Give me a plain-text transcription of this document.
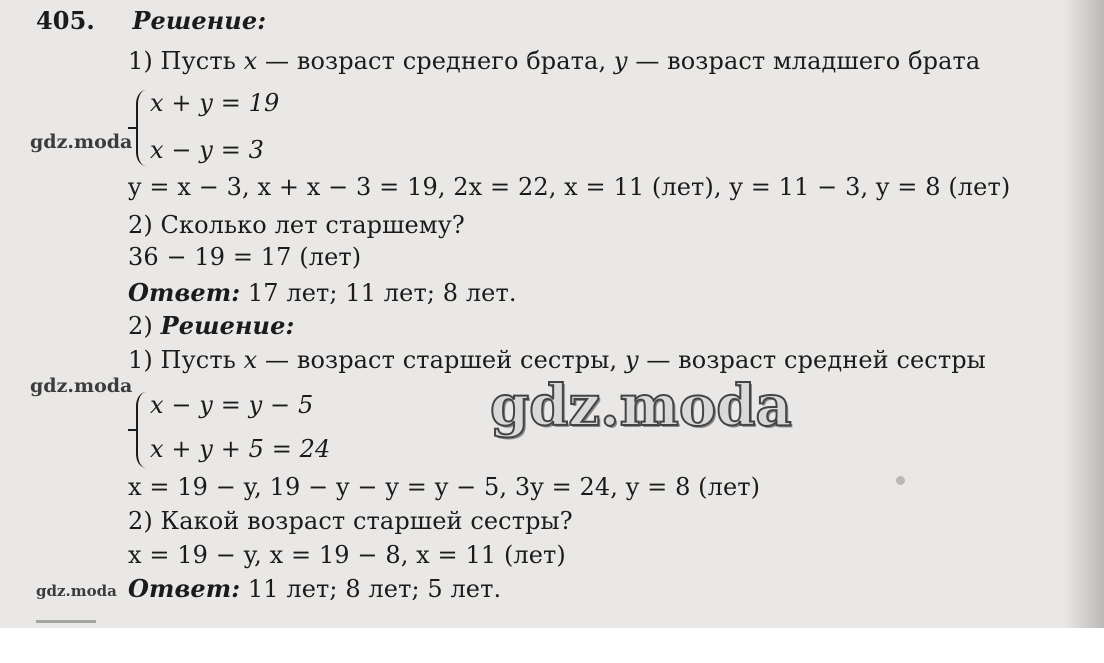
405. Решение:
1) Пусть x — возраст среднего брата, y — возраст младшего брата
x + y = 19
x − y = 3
y = x − 3, x + x − 3 = 19, 2x = 22, x = 11 (лет), y = 11 − 3, y = 8 (лет)
2) Сколько лет старшему?
36 − 19 = 17 (лет)
Ответ: 17 лет; 11 лет; 8 лет.
2) Решение:
1) Пусть x — возраст старшей сестры, y — возраст средней сестры
x − y = y − 5
x + y + 5 = 24
x = 19 − y, 19 − y − y = y − 5, 3y = 24, y = 8 (лет)
2) Какой возраст старшей сестры?
x = 19 − y, x = 19 − 8, x = 11 (лет)
Ответ: 11 лет; 8 лет; 5 лет.
gdz.moda
gdz.moda
gdz.moda
gdz.moda
